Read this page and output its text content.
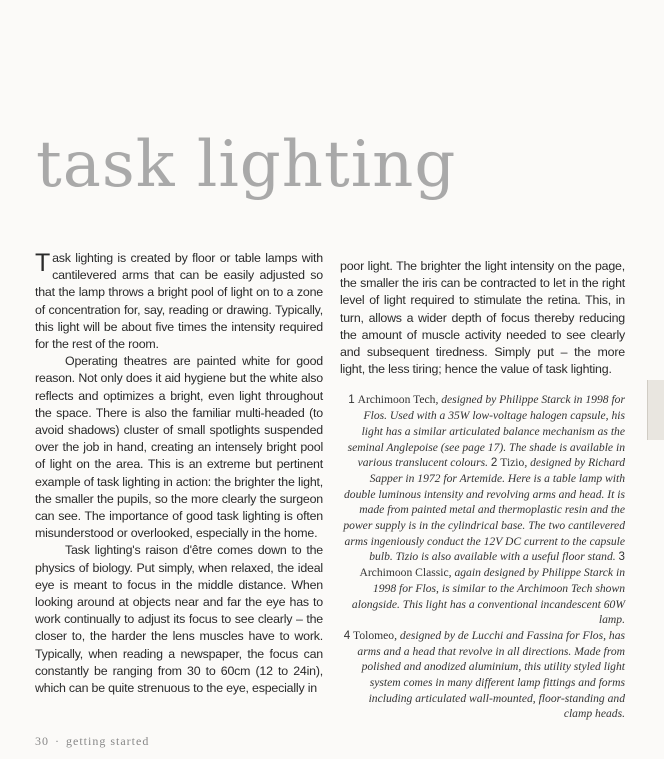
task lighting

Task lighting is created by floor or table lamps with cantilevered arms that can be easily adjusted so that the lamp throws a bright pool of light on to a zone of concentration for, say, reading or drawing. Typically, this light will be about five times the intensity required for the rest of the room.

Operating theatres are painted white for good reason. Not only does it aid hygiene but the white also reflects and optimizes a bright, even light throughout the space. There is also the familiar multi-headed (to avoid shadows) cluster of small spotlights suspended over the job in hand, creating an intensely bright pool of light on the area. This is an extreme but pertinent example of task lighting in action: the brighter the light, the smaller the pupils, so the more clearly the surgeon can see. The importance of good task lighting is often misunderstood or overlooked, especially in the home.

Task lighting's raison d'être comes down to the physics of biology. Put simply, when relaxed, the ideal eye is meant to focus in the middle distance. When looking around at objects near and far the eye has to work continually to adjust its focus to see clearly – the closer to, the harder the lens muscles have to work. Typically, when reading a newspaper, the focus can constantly be ranging from 30 to 60cm (12 to 24in), which can be quite strenuous to the eye, especially in

poor light. The brighter the light intensity on the page, the smaller the iris can be contracted to let in the right level of light required to stimulate the retina. This, in turn, allows a wider depth of focus thereby reducing the amount of muscle activity needed to see clearly and subsequent tiredness. Simply put – the more light, the less tiring; hence the value of task lighting.

1 Archimoon Tech, designed by Philippe Starck in 1998 for Flos. Used with a 35W low-voltage halogen capsule, his light has a similar articulated balance mechanism as the seminal Anglepoise (see page 17). The shade is available in various translucent colours. 2 Tizio, designed by Richard Sapper in 1972 for Artemide. Here is a table lamp with double luminous intensity and revolving arms and head. It is made from painted metal and thermoplastic resin and the power supply is in the cylindrical base. The two cantilevered arms ingeniously conduct the 12V DC current to the capsule bulb. Tizio is also available with a useful floor stand. 3 Archimoon Classic, again designed by Philippe Starck in 1998 for Flos, is similar to the Archimoon Tech shown alongside. This light has a conventional incandescent 60W lamp.
4 Tolomeo, designed by de Lucchi and Fassina for Flos, has arms and a head that revolve in all directions. Made from polished and anodized aluminium, this utility styled light system comes in many different lamp fittings and forms including articulated wall-mounted, floor-standing and clamp heads.
30 · getting started
